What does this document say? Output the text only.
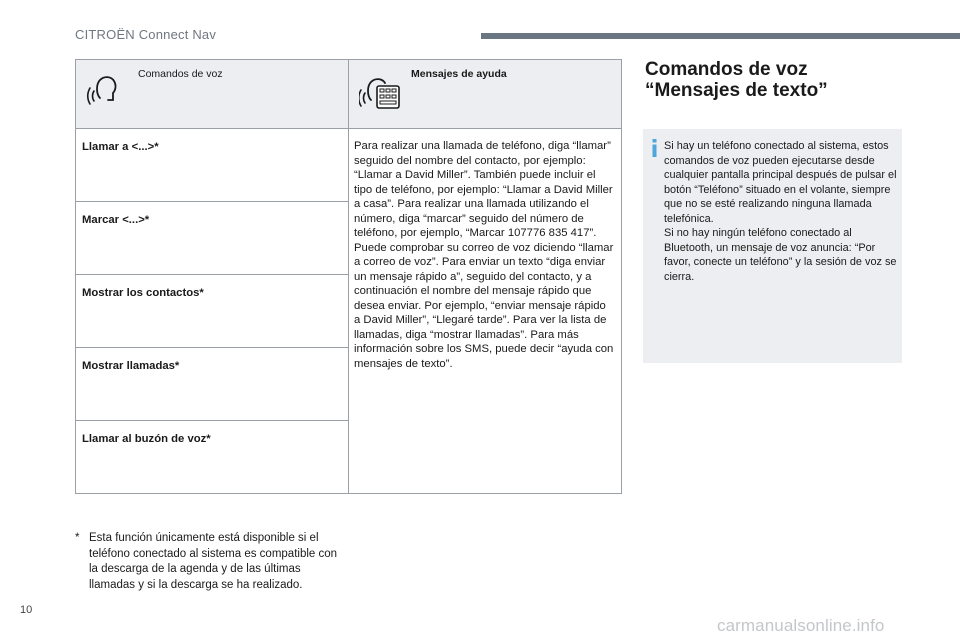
CITROËN Connect Nav
Comandos de voz	Mensajes de ayuda

Llamar a <...>*	Para realizar una llamada de teléfono, diga “llamar” seguido del nombre del contacto, por ejemplo: “Llamar a David Miller”. También puede incluir el tipo de teléfono, por ejemplo: “Llamar a David Miller a casa”. Para realizar una llamada utilizando el número, diga “marcar” seguido del número de teléfono, por ejemplo, “Marcar 107776 835 417”. Puede comprobar su correo de voz diciendo “llamar a correo de voz”. Para enviar un texto “diga enviar un mensaje rápido a”, seguido del contacto, y a continuación el nombre del mensaje rápido que desea enviar. Por ejemplo, “enviar mensaje rápido a David Miller”, “Llegaré tarde”. Para ver la lista de llamadas, diga “mostrar llamadas”. Para más información sobre los SMS, puede decir “ayuda con mensajes de texto”.
Marcar <...>*	
Mostrar los contactos*	
Mostrar llamadas*	
Llamar al buzón de voz*	
Comandos de voz
“Mensajes de texto”

Si hay un teléfono conectado al sistema, estos comandos de voz pueden ejecutarse desde cualquier pantalla principal después de pulsar el botón “Teléfono” situado en el volante, siempre que no se esté realizando ninguna llamada telefónica.

Si no hay ningún teléfono conectado al Bluetooth, un mensaje de voz anuncia: “Por favor, conecte un teléfono” y la sesión de voz se cierra.

* Esta función únicamente está disponible si el teléfono conectado al sistema es compatible con la descarga de la agenda y de las últimas llamadas y si la descarga se ha realizado.
10
carmanualsonline.info
